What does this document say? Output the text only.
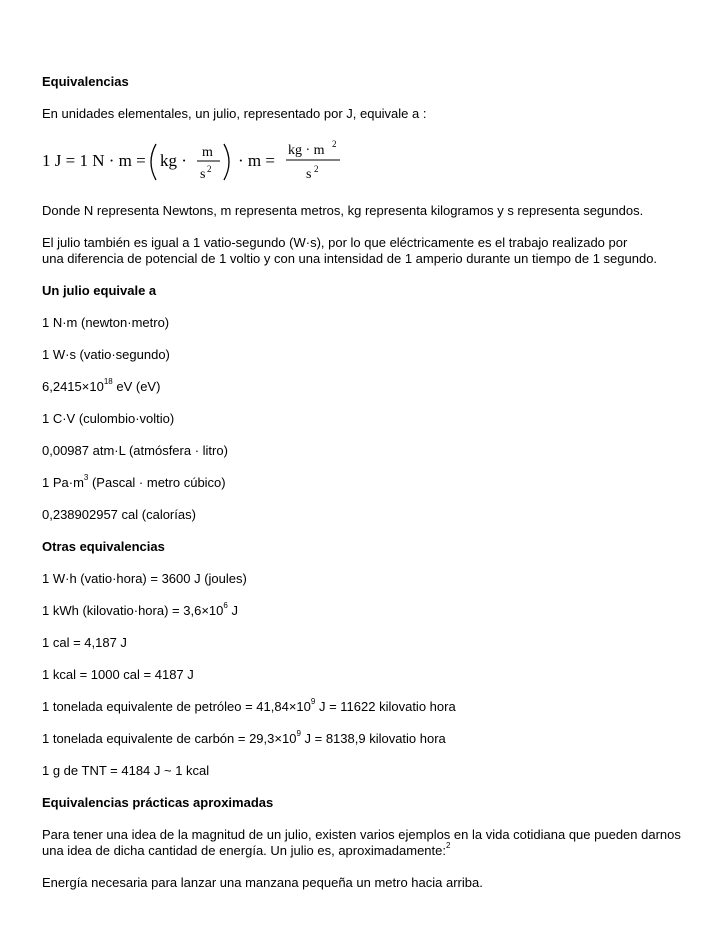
Equivalencias

En unidades elementales, un julio, representado por J, equivale a :

1 J = 1 N · m = kg · m
s 2 · m =
kg · m 2
s 2

Donde N representa Newtons, m representa metros, kg representa kilogramos y s representa segundos.

El julio también es igual a 1 vatio-segundo (W·s), por lo que eléctricamente es el trabajo realizado por
una diferencia de potencial de 1 voltio y con una intensidad de 1 amperio durante un tiempo de 1 segundo.

Un julio equivale a

1 N·m (newton·metro)

1 W·s (vatio·segundo)

$6,2415\times 10^{18}$ eV (eV)

1 C·V (culombio·voltio)

0,00987 atm·L (atmósfera · litro)

1 $Pa\cdot m^3$ (Pascal · metro cúbico)

0,238902957 cal (calorías)

Otras equivalencias

1 W·h (vatio·hora) = 3600 J (joules)

1 kWh (kilovatio·hora) = $3,6\times 10^6$ J

1 cal = 4,187 J

1 kcal = 1000 cal = 4187 J

1 tonelada equivalente de petróleo = $41,84\times 10^9$ J = 11622 kilovatio hora

1 tonelada equivalente de carbón = $29,3\times 10^9$ J = 8138,9 kilovatio hora

1 g de TNT = 4184 J ~ 1 kcal

Equivalencias prácticas aproximadas

Para tener una idea de la magnitud de un julio, existen varios ejemplos en la vida cotidiana que pueden darnos
una idea de dicha cantidad de energía. Un julio es, aproximadamente:$^2$

Energía necesaria para lanzar una manzana pequeña un metro hacia arriba.
